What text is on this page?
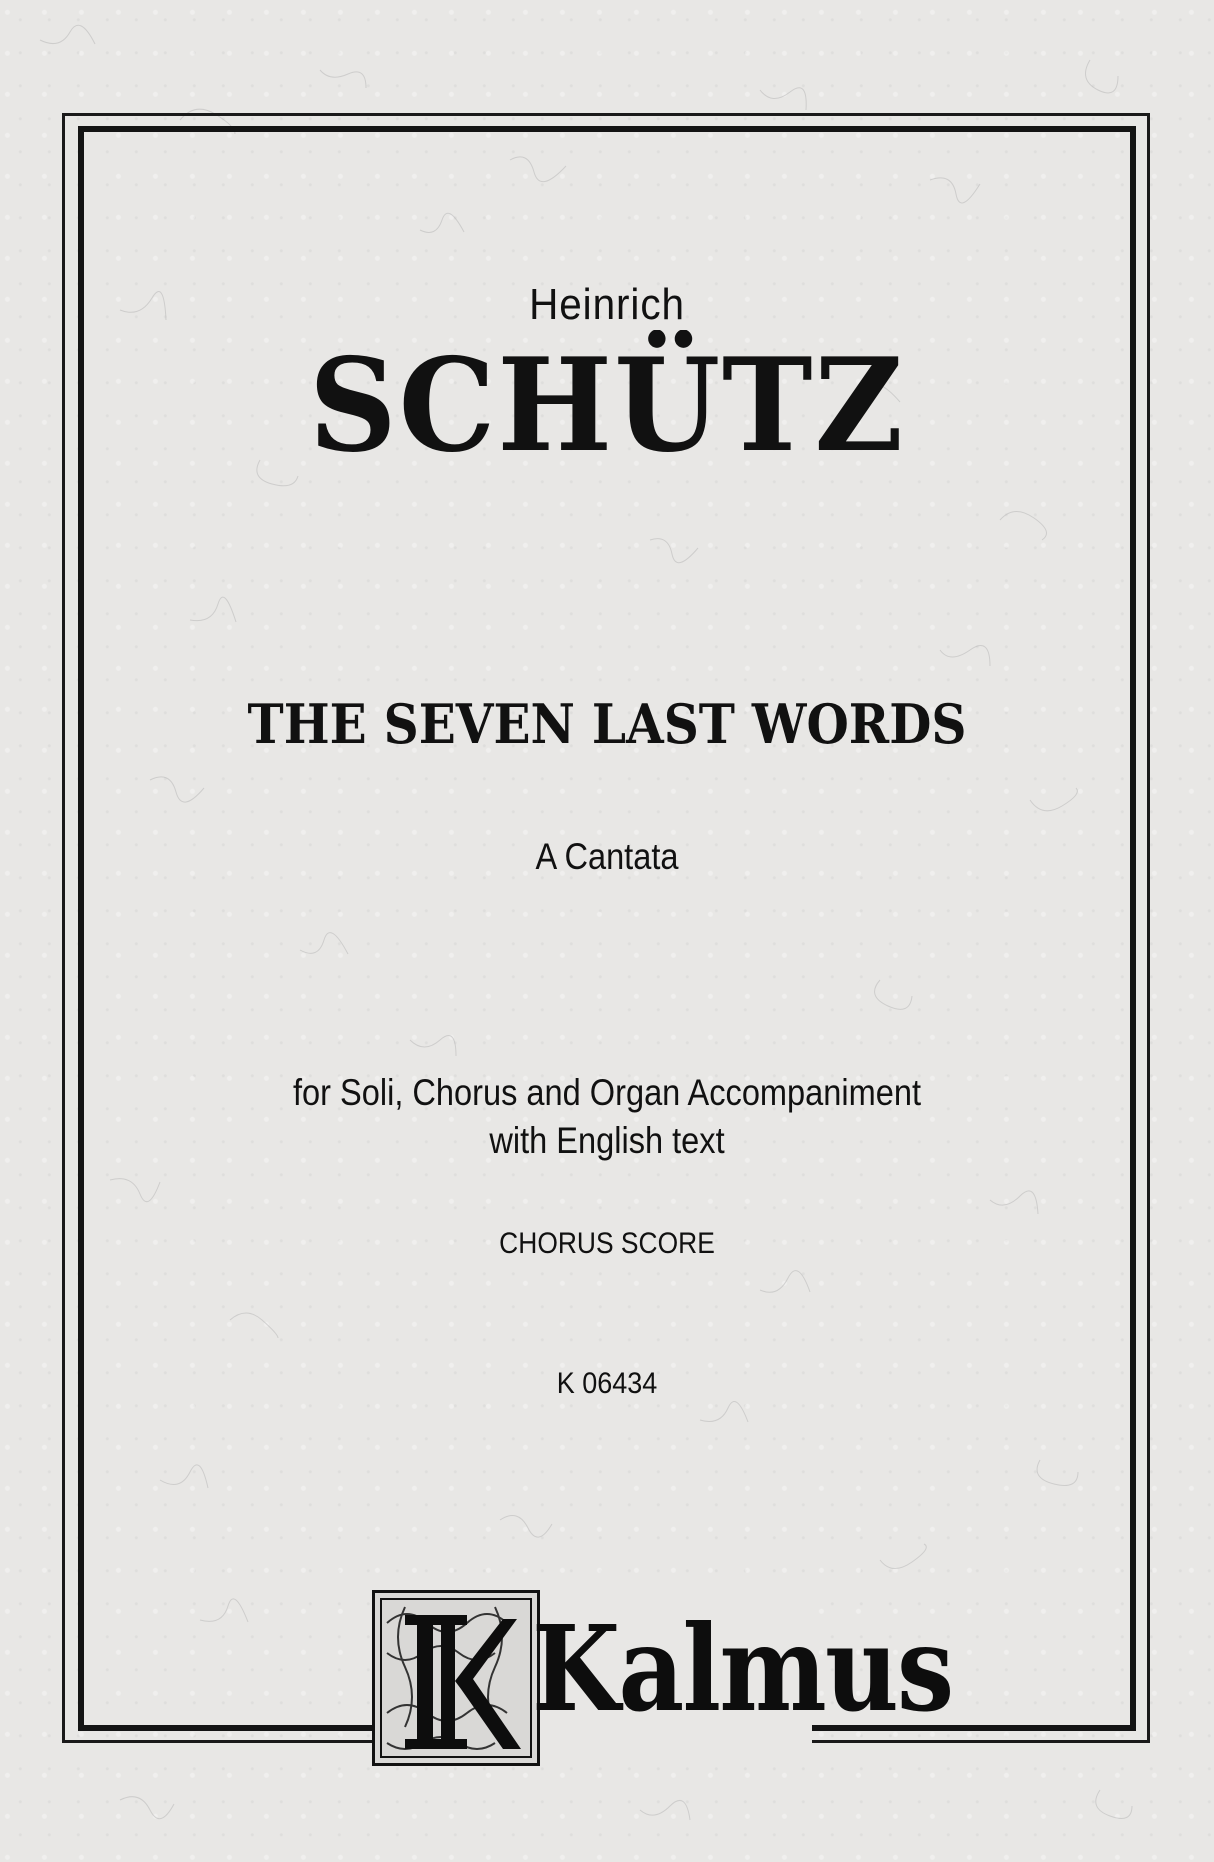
Heinrich
SCHÜTZ
THE SEVEN LAST WORDS
A Cantata
for Soli, Chorus and Organ Accompaniment
with English text
CHORUS SCORE
K 06434
Kalmus
